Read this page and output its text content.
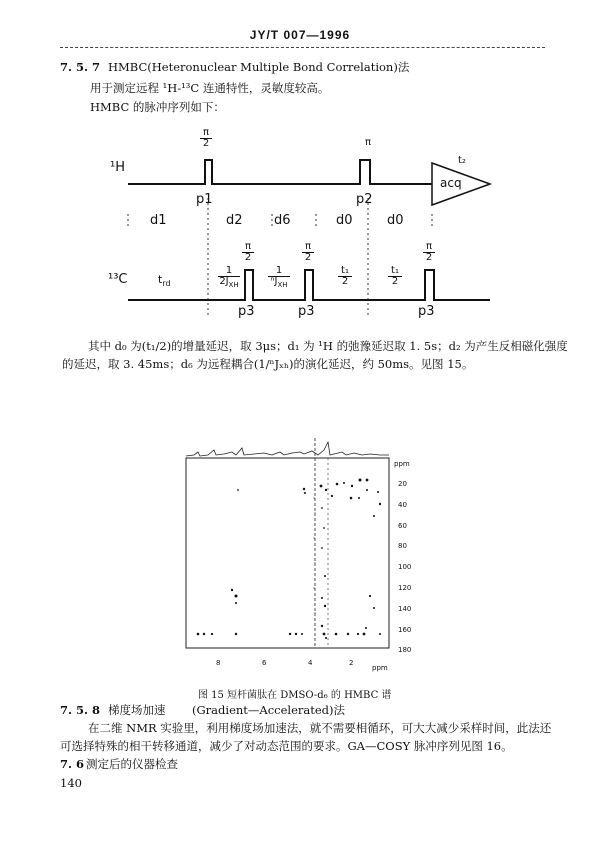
JY/T 007—1996
7. 5. 7 HMBC(Heteronuclear Multiple Bond Correlation)法
用于测定远程 ¹H-¹³C 连通特性，灵敏度较高。
HMBC 的脉冲序列如下：
$\frac{\pi}{2}$	π
t₂
acq
¹H
p1	p2
d1	d2 d6	d0	d0
$\frac{\pi}{2}$	$\frac{\pi}{2}$	$\frac{\pi}{2}$
¹³C	$t_{rd}$
1
$2J_{XH}$
1
ⁿJ$_{XH}$	$\frac{\text{t₁}}{2}$	$\frac{\text{t₁}}{2}$
p3	p3	p3
其中 d₀ 为(t₁/2)的增量延迟，取 3μs；d₁ 为 ¹H 的弛豫延迟取 1. 5s；d₂ 为产生反相磁化强度
的延迟，取 3. 45ms；d₆ 为远程耦合(1/ⁿJₓₕ)的演化延迟，约 50ms。见图 15。
ppm
20
40
60
80
100
120
140
160
180
8	6	4	2
ppm
图 15 短杆菌肽在 DMSO-d₆ 的 HMBC 谱
7. 5. 8 梯度场加速 (Gradient—Accelerated)法
在二维 NMR 实验里，利用梯度场加速法，就不需要相循环，可大大减少采样时间，此法还
可选择特殊的相干转移通道，减少了对动态范围的要求。GA—COSY 脉冲序列见图 16。
7. 6 测定后的仪器检查
140
